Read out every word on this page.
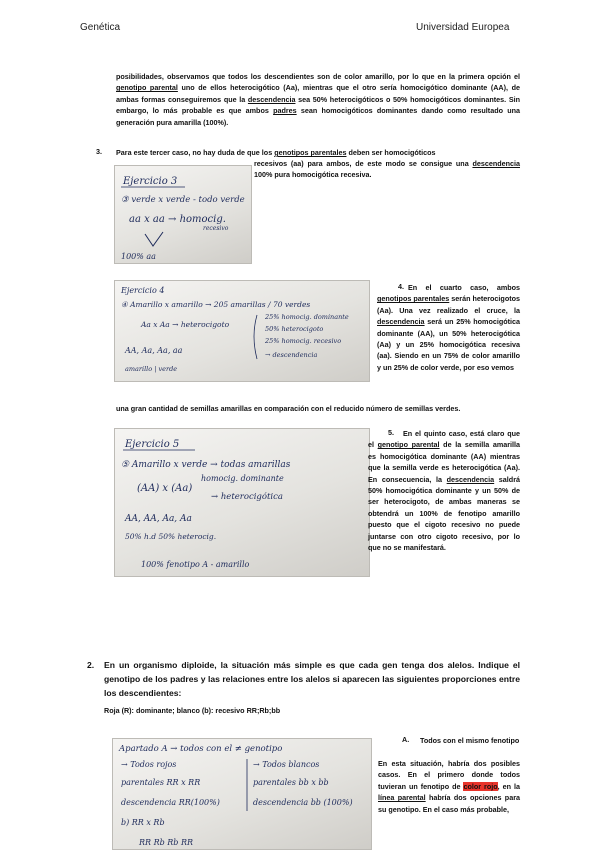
Genética	Universidad Europea
posibilidades, observamos que todos los descendientes son de color amarillo, por lo que en la primera opción el genotipo parental uno de ellos heterocigótico (Aa), mientras que el otro sería homocigótico dominante (AA), de ambas formas conseguiremos que la descendencia sea 50% heterocigóticos o 50% homocigóticos dominantes. Sin embargo, lo más probable es que ambos padres sean homocigóticos dominantes dando como resultado una generación pura amarilla (100%).
3. Para este tercer caso, no hay duda de que los genotipos parentales deben ser homocigóticos
recesivos (aa) para ambos, de este modo se consigue una descendencia 100% pura homocigótica recesiva.
Ejercicio 3
③ verde x verde - todo verde
aa x aa → homocig.
recesivo
100% aa
Ejercicio 4
④ Amarillo x amarillo → 205 amarillas / 70 verdes
Aa x Aa → heterocigoto
25% homocig. dominante
50% heterocigoto
25% homocig. recesivo
→ descendencia
AA, Aa, Aa, aa
amarillo | verde
4. En el cuarto caso, ambos genotipos parentales serán heterocigotos (Aa). Una vez realizado el cruce, la descendencia será un 25% homocigótica dominante (AA), un 50% heterocigótica (Aa) y un 25% homocigótica recesiva (aa). Siendo en un 75% de color amarillo y un 25% de color verde, por eso vemos
una gran cantidad de semillas amarillas en comparación con el reducido número de semillas verdes.
Ejercicio 5
⑤ Amarillo x verde → todas amarillas
homocig. dominante
(AA) x (Aa)
→ heterocigótica
AA, AA, Aa, Aa
50% h.d 50% heterocig.
100% fenotipo A - amarillo
5.	En el quinto caso, está claro que el genotipo parental de la semilla amarilla es homocigótica dominante (AA) mientras que la semilla verde es heterocigótica (Aa). En consecuencia, la descendencia saldrá 50% homocigótica dominante y un 50% de ser heterocigoto, de ambas maneras se obtendrá un 100% de fenotipo amarillo puesto que el cigoto recesivo no puede juntarse con otro cigoto recesivo, por lo que no se manifestará.
2. En un organismo diploide, la situación más simple es que cada gen tenga dos alelos. Indique el genotipo de los padres y las relaciones entre los alelos si aparecen las siguientes proporciones entre los descendientes:
Roja (R): dominante; blanco (b): recesivo RR;Rb;bb
Apartado A → todos con el ≠ genotipo
→ Todos rojos	→ Todos blancos
parentales RR x RR	parentales bb x bb
descendencia RR(100%)	descendencia bb (100%)
b) RR x Rb
RR Rb Rb RR
A.	Todos con el mismo fenotipo
En esta situación, habría dos posibles casos. En el primero donde todos tuvieran un fenotipo de color rojo, en la línea parental habría dos opciones para su genotipo. En el caso más probable,
